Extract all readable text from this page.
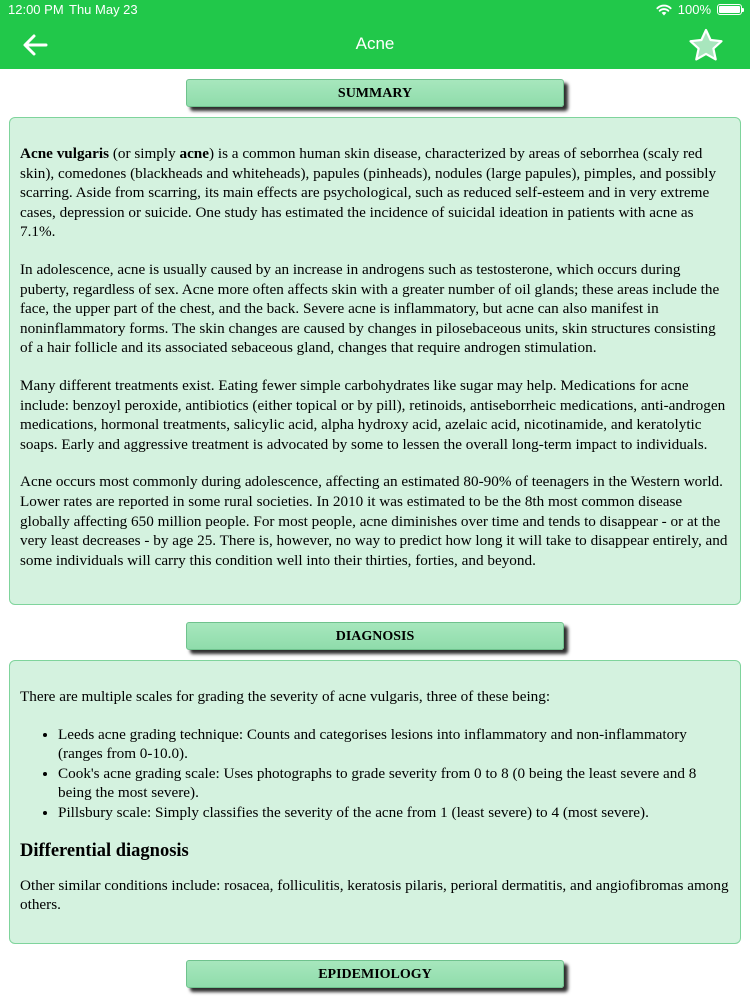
12:00 PM Thu May 23	100%
Acne
SUMMARY

Acne vulgaris (or simply acne) is a common human skin disease, characterized by areas of seborrhea (scaly red skin), comedones (blackheads and whiteheads), papules (pinheads), nodules (large papules), pimples, and possibly scarring. Aside from scarring, its main effects are psychological, such as reduced self-esteem and in very extreme cases, depression or suicide. One study has estimated the incidence of suicidal ideation in patients with acne as 7.1%.

In adolescence, acne is usually caused by an increase in androgens such as testosterone, which occurs during puberty, regardless of sex. Acne more often affects skin with a greater number of oil glands; these areas include the face, the upper part of the chest, and the back. Severe acne is inflammatory, but acne can also manifest in noninflammatory forms. The skin changes are caused by changes in pilosebaceous units, skin structures consisting of a hair follicle and its associated sebaceous gland, changes that require androgen stimulation.

Many different treatments exist. Eating fewer simple carbohydrates like sugar may help. Medications for acne include: benzoyl peroxide, antibiotics (either topical or by pill), retinoids, antiseborrheic medications, anti-androgen medications, hormonal treatments, salicylic acid, alpha hydroxy acid, azelaic acid, nicotinamide, and keratolytic soaps. Early and aggressive treatment is advocated by some to lessen the overall long-term impact to individuals.

Acne occurs most commonly during adolescence, affecting an estimated 80-90% of teenagers in the Western world. Lower rates are reported in some rural societies. In 2010 it was estimated to be the 8th most common disease globally affecting 650 million people. For most people, acne diminishes over time and tends to disappear - or at the very least decreases - by age 25. There is, however, no way to predict how long it will take to disappear entirely, and some individuals will carry this condition well into their thirties, forties, and beyond.

DIAGNOSIS

There are multiple scales for grading the severity of acne vulgaris, three of these being:

• Leeds acne grading technique: Counts and categorises lesions into inflammatory and non-inflammatory (ranges from 0-10.0).
• Cook's acne grading scale: Uses photographs to grade severity from 0 to 8 (0 being the least severe and 8 being the most severe).
• Pillsbury scale: Simply classifies the severity of the acne from 1 (least severe) to 4 (most severe).
Differential diagnosis

Other similar conditions include: rosacea, folliculitis, keratosis pilaris, perioral dermatitis, and angiofibromas among others.

EPIDEMIOLOGY
